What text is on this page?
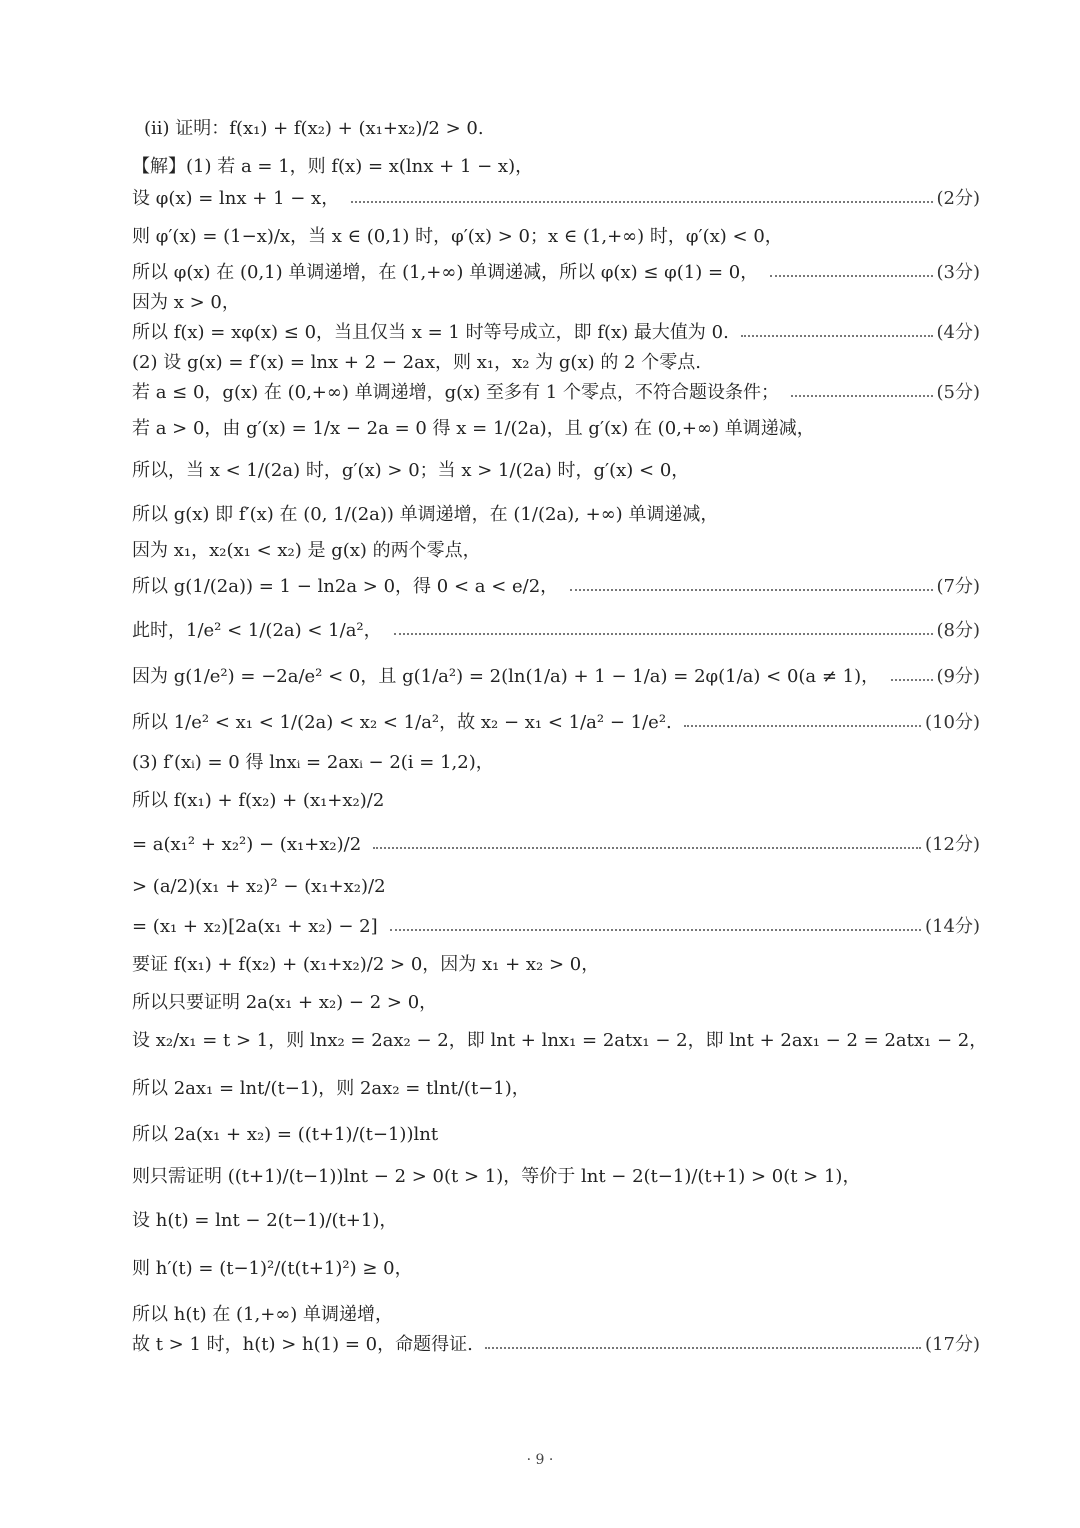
(ii) 证明：f(x₁) + f(x₂) + (x₁+x₂)/2 > 0.
【解】(1) 若 a = 1，则 f(x) = x(lnx + 1 − x)，
设 φ(x) = lnx + 1 − x，	(2分)
则 φ′(x) = (1−x)/x，当 x ∈ (0,1) 时，φ′(x) > 0；x ∈ (1,+∞) 时，φ′(x) < 0，
所以 φ(x) 在 (0,1) 单调递增，在 (1,+∞) 单调递减，所以 φ(x) ≤ φ(1) = 0，	(3分)
因为 x > 0，
所以 f(x) = xφ(x) ≤ 0，当且仅当 x = 1 时等号成立，即 f(x) 最大值为 0.	(4分)
(2) 设 g(x) = f′(x) = lnx + 2 − 2ax，则 x₁，x₂ 为 g(x) 的 2 个零点.
若 a ≤ 0，g(x) 在 (0,+∞) 单调递增，g(x) 至多有 1 个零点，不符合题设条件；	(5分)
若 a > 0，由 g′(x) = 1/x − 2a = 0 得 x = 1/(2a)，且 g′(x) 在 (0,+∞) 单调递减，
所以，当 x < 1/(2a) 时，g′(x) > 0；当 x > 1/(2a) 时，g′(x) < 0，
所以 g(x) 即 f′(x) 在 (0, 1/(2a)) 单调递增，在 (1/(2a), +∞) 单调递减，
因为 x₁，x₂(x₁ < x₂) 是 g(x) 的两个零点，
所以 g(1/(2a)) = 1 − ln2a > 0，得 0 < a < e/2，	(7分)
此时，1/e² < 1/(2a) < 1/a²，	(8分)
因为 g(1/e²) = −2a/e² < 0，且 g(1/a²) = 2(ln(1/a) + 1 − 1/a) = 2φ(1/a) < 0(a ≠ 1)，	(9分)
所以 1/e² < x₁ < 1/(2a) < x₂ < 1/a²，故 x₂ − x₁ < 1/a² − 1/e².	(10分)
(3) f′(xᵢ) = 0 得 lnxᵢ = 2axᵢ − 2(i = 1,2)，
所以 f(x₁) + f(x₂) + (x₁+x₂)/2
= a(x₁² + x₂²) − (x₁+x₂)/2	(12分)
> (a/2)(x₁ + x₂)² − (x₁+x₂)/2
= (x₁ + x₂)[2a(x₁ + x₂) − 2]	(14分)
要证 f(x₁) + f(x₂) + (x₁+x₂)/2 > 0，因为 x₁ + x₂ > 0，
所以只要证明 2a(x₁ + x₂) − 2 > 0，
设 x₂/x₁ = t > 1，则 lnx₂ = 2ax₂ − 2，即 lnt + lnx₁ = 2atx₁ − 2，即 lnt + 2ax₁ − 2 = 2atx₁ − 2，
所以 2ax₁ = lnt/(t−1)，则 2ax₂ = tlnt/(t−1)，
所以 2a(x₁ + x₂) = ((t+1)/(t−1))lnt
则只需证明 ((t+1)/(t−1))lnt − 2 > 0(t > 1)，等价于 lnt − 2(t−1)/(t+1) > 0(t > 1)，
设 h(t) = lnt − 2(t−1)/(t+1)，
则 h′(t) = (t−1)²/(t(t+1)²) ≥ 0，
所以 h(t) 在 (1,+∞) 单调递增，
故 t > 1 时，h(t) > h(1) = 0，命题得证.	(17分)
· 9 ·
